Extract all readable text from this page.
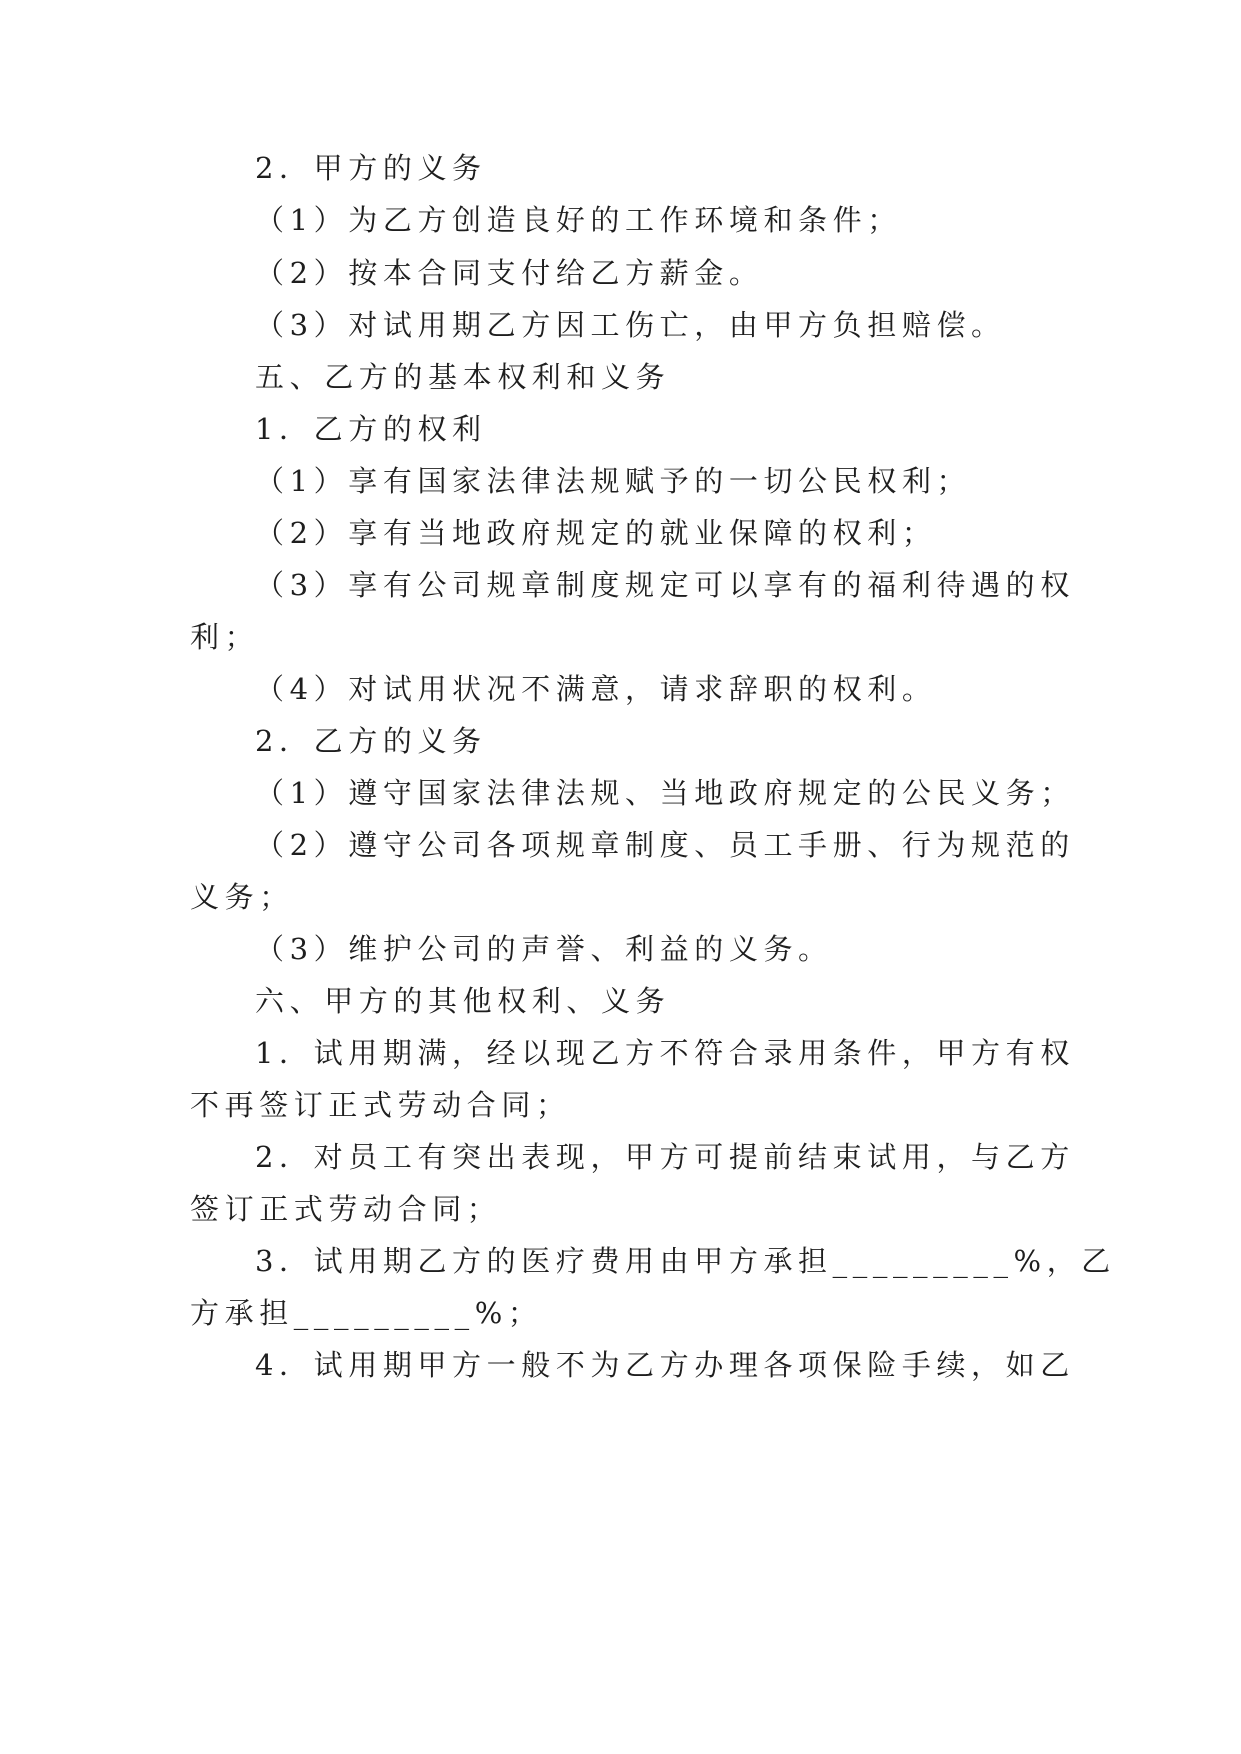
2．甲方的义务
（1）为乙方创造良好的工作环境和条件；
（2）按本合同支付给乙方薪金。
（3）对试用期乙方因工伤亡，由甲方负担赔偿。
五、乙方的基本权利和义务
1．乙方的权利
（1）享有国家法律法规赋予的一切公民权利；
（2）享有当地政府规定的就业保障的权利；
（3）享有公司规章制度规定可以享有的福利待遇的权
利；
（4）对试用状况不满意，请求辞职的权利。
2．乙方的义务
（1）遵守国家法律法规、当地政府规定的公民义务；
（2）遵守公司各项规章制度、员工手册、行为规范的
义务；
（3）维护公司的声誉、利益的义务。
六、甲方的其他权利、义务
1．试用期满，经以现乙方不符合录用条件，甲方有权
不再签订正式劳动合同；
2．对员工有突出表现，甲方可提前结束试用，与乙方
签订正式劳动合同；
3．试用期乙方的医疗费用由甲方承担_________%，乙
方承担_________%；
4．试用期甲方一般不为乙方办理各项保险手续，如乙
